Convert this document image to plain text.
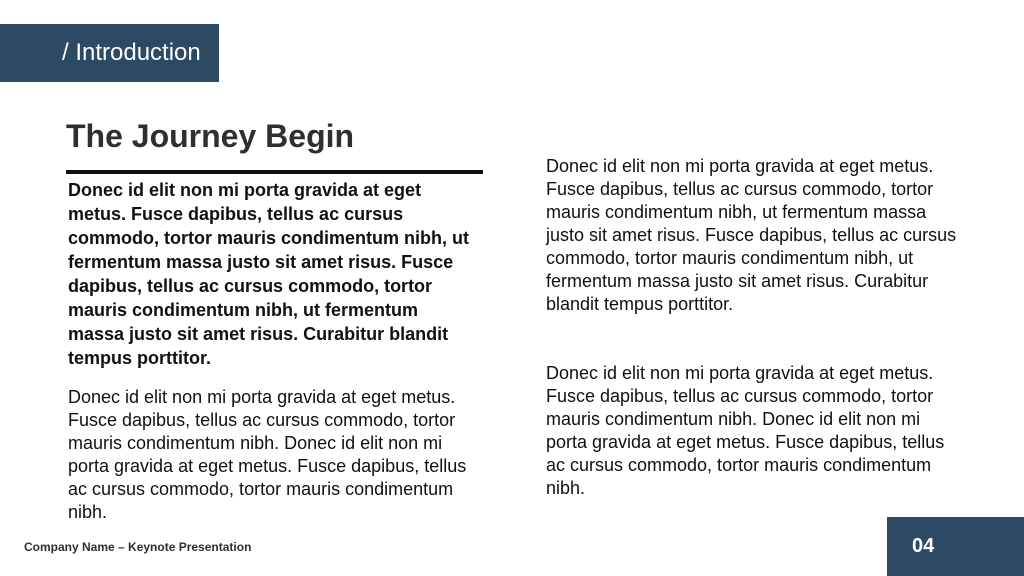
/ Introduction
The Journey Begin

Donec id elit non mi porta gravida at eget metus. Fusce dapibus, tellus ac cursus commodo, tortor mauris condimentum nibh, ut fermentum massa justo sit amet risus. Fusce dapibus, tellus ac cursus commodo, tortor mauris condimentum nibh, ut fermentum massa justo sit amet risus. Curabitur blandit tempus porttitor.

Donec id elit non mi porta gravida at eget metus. Fusce dapibus, tellus ac cursus commodo, tortor mauris condimentum nibh. Donec id elit non mi porta gravida at eget metus. Fusce dapibus, tellus ac cursus commodo, tortor mauris condimentum nibh.

Donec id elit non mi porta gravida at eget metus. Fusce dapibus, tellus ac cursus commodo, tortor mauris condimentum nibh, ut fermentum massa justo sit amet risus. Fusce dapibus, tellus ac cursus commodo, tortor mauris condimentum nibh, ut fermentum massa justo sit amet risus. Curabitur blandit tempus porttitor.

Donec id elit non mi porta gravida at eget metus. Fusce dapibus, tellus ac cursus commodo, tortor mauris condimentum nibh. Donec id elit non mi porta gravida at eget metus. Fusce dapibus, tellus ac cursus commodo, tortor mauris condimentum nibh.

Company Name – Keynote Presentation	04
